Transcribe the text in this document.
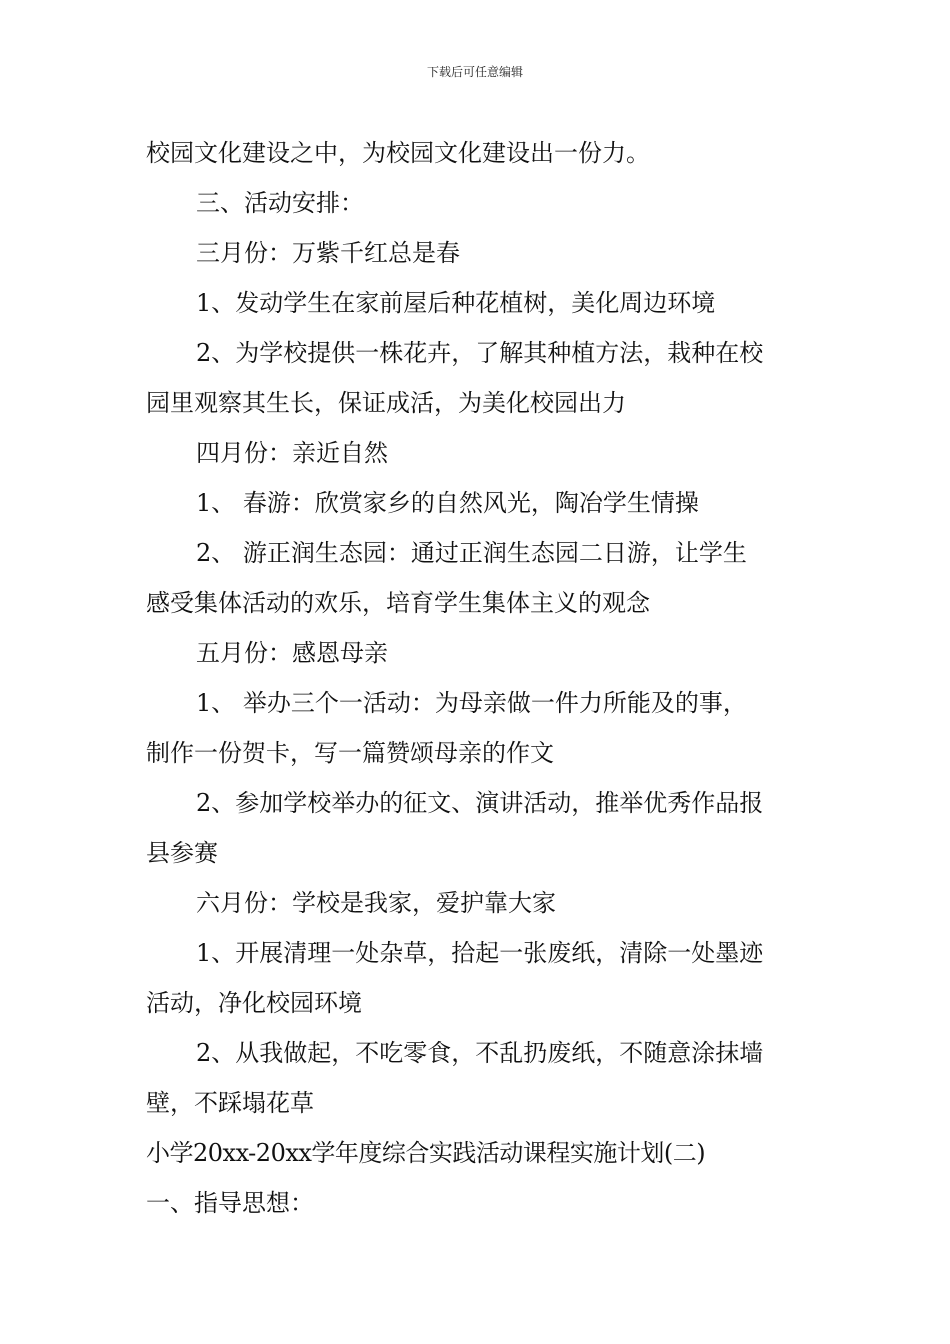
下载后可任意编辑
校园文化建设之中，为校园文化建设出一份力。
三、活动安排：
三月份：万紫千红总是春
1、发动学生在家前屋后种花植树，美化周边环境
2、为学校提供一株花卉，了解其种植方法，栽种在校
园里观察其生长，保证成活，为美化校园出力
四月份：亲近自然
1、 春游：欣赏家乡的自然风光，陶冶学生情操
2、 游正润生态园：通过正润生态园二日游，让学生
感受集体活动的欢乐，培育学生集体主义的观念
五月份：感恩母亲
1、 举办三个一活动：为母亲做一件力所能及的事，
制作一份贺卡，写一篇赞颂母亲的作文
2、参加学校举办的征文、演讲活动，推举优秀作品报
县参赛
六月份：学校是我家，爱护靠大家
1、开展清理一处杂草，拾起一张废纸，清除一处墨迹
活动，净化校园环境
2、从我做起，不吃零食，不乱扔废纸，不随意涂抹墙
壁，不踩塌花草
小学20xx-20xx学年度综合实践活动课程实施计划(二)
一、指导思想：
